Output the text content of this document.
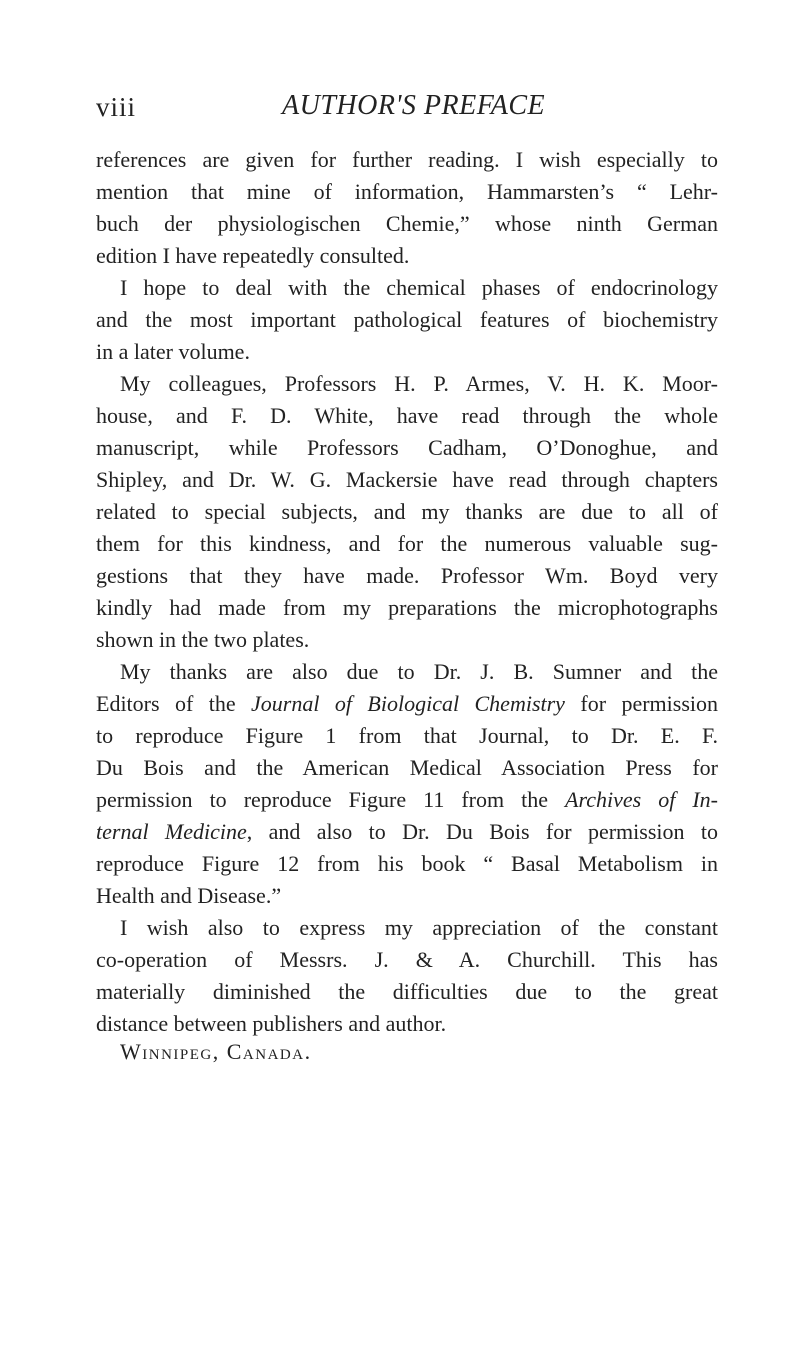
viii	AUTHOR'S PREFACE
references are given for further reading. I wish especially to
mention that mine of information, Hammarsten’s “ Lehr-
buch der physiologischen Chemie,” whose ninth German
edition I have repeatedly consulted.
I hope to deal with the chemical phases of endocrinology
and the most important pathological features of biochemistry
in a later volume.
My colleagues, Professors H. P. Armes, V. H. K. Moor-
house, and F. D. White, have read through the whole
manuscript, while Professors Cadham, O’Donoghue, and
Shipley, and Dr. W. G. Mackersie have read through chapters
related to special subjects, and my thanks are due to all of
them for this kindness, and for the numerous valuable sug-
gestions that they have made. Professor Wm. Boyd very
kindly had made from my preparations the microphotographs
shown in the two plates.
My thanks are also due to Dr. J. B. Sumner and the
Editors of the Journal of Biological Chemistry for permission
to reproduce Figure 1 from that Journal, to Dr. E. F.
Du Bois and the American Medical Association Press for
permission to reproduce Figure 11 from the Archives of In-
ternal Medicine, and also to Dr. Du Bois for permission to
reproduce Figure 12 from his book “ Basal Metabolism in
Health and Disease.”
I wish also to express my appreciation of the constant
co-operation of Messrs. J. & A. Churchill. This has
materially diminished the difficulties due to the great
distance between publishers and author.
Winnipeg, Canada.
